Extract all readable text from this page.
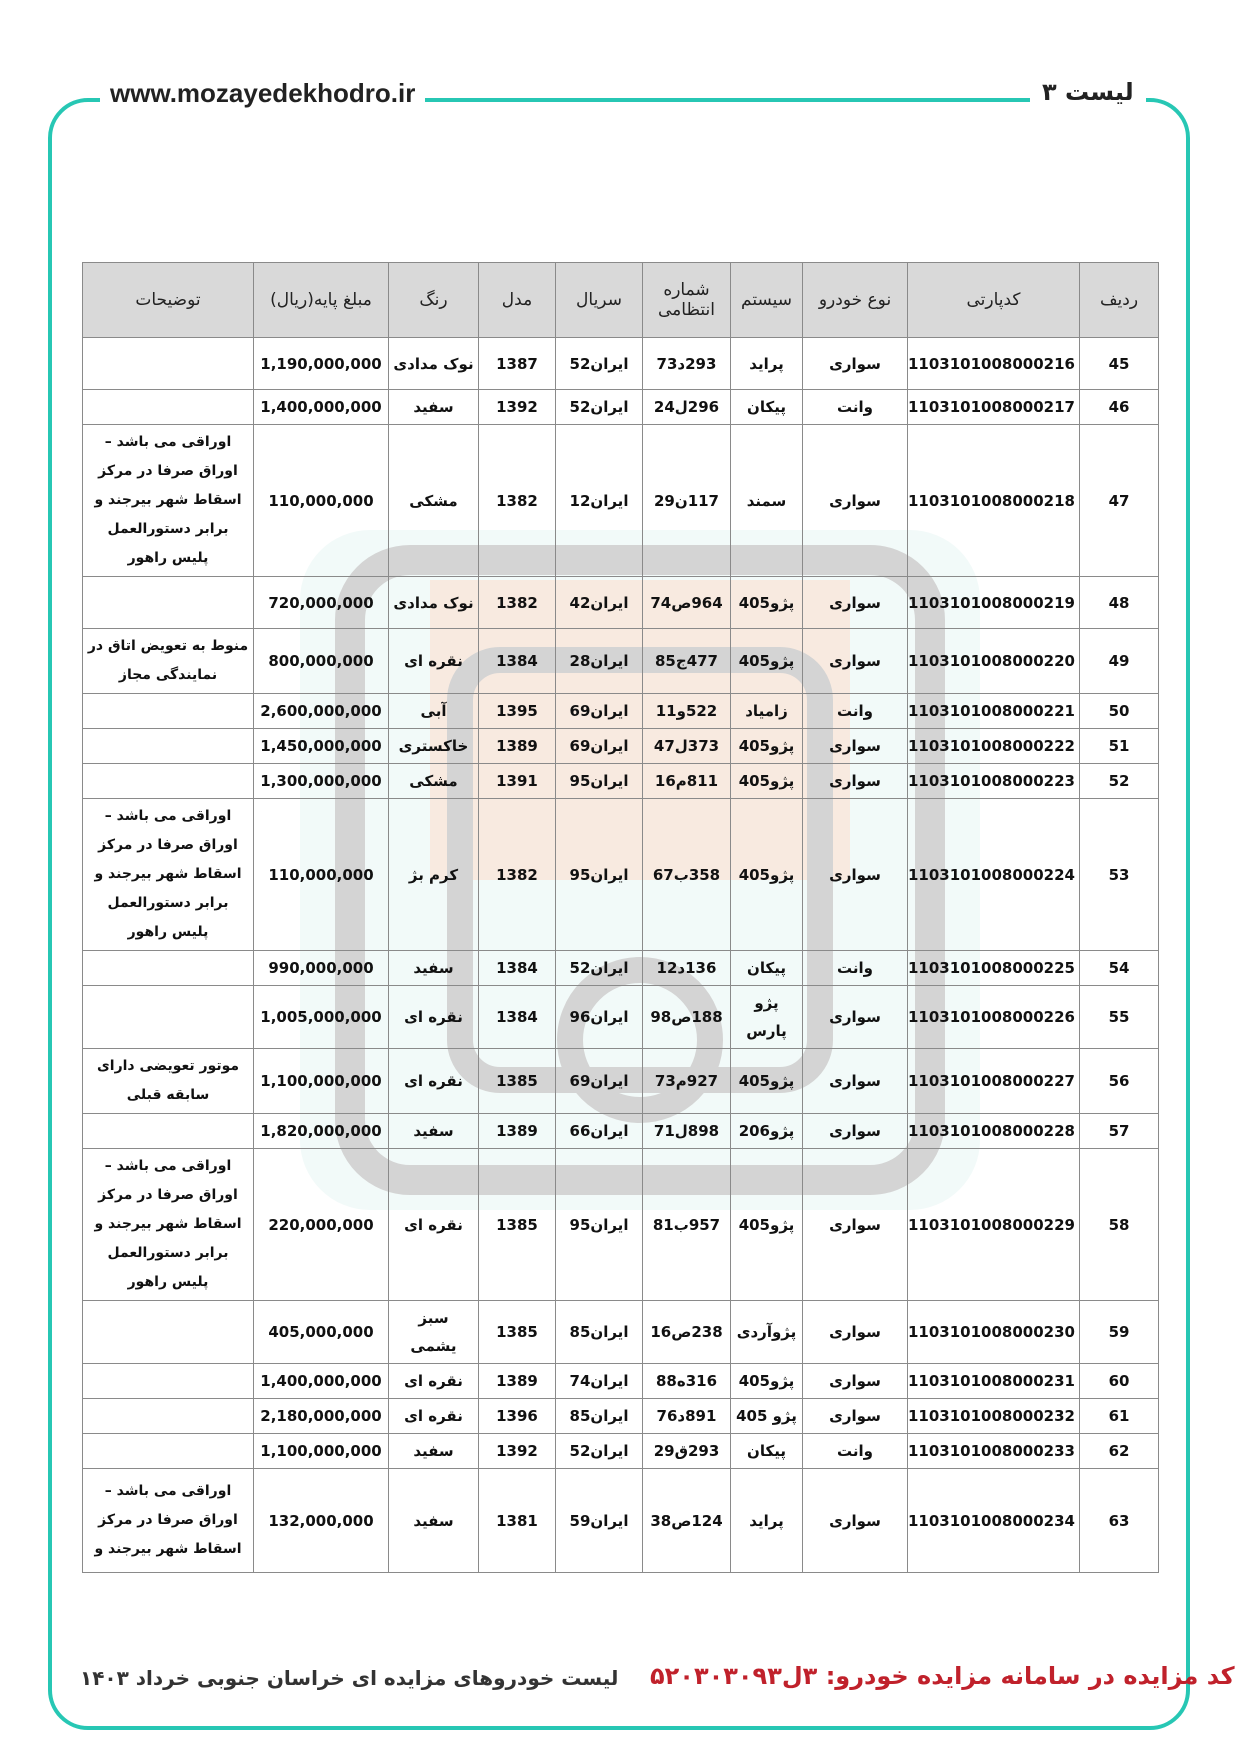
www.mozayedekhodro.ir	لیست ۳
ردیف	کدپارتی	نوع خودرو	سیستم	شماره انتظامی	سریال	مدل	رنگ	مبلغ پایه(ریال)	توضیحات
45	1103101008000216	سواری	پراید	293د73	ایران52	1387	نوک مدادی	1,190,000,000	
46	1103101008000217	وانت	پیکان	296ل24	ایران52	1392	سفید	1,400,000,000	
47	1103101008000218	سواری	سمند	117ن29	ایران12	1382	مشکی	110,000,000	اوراقی می باشد – اوراق صرفا در مرکز اسقاط شهر بیرجند و برابر دستورالعمل پلیس راهور
48	1103101008000219	سواری	پژو405	964ص74	ایران42	1382	نوک مدادی	720,000,000	
49	1103101008000220	سواری	پژو405	477ج85	ایران28	1384	نقره ای	800,000,000	منوط به تعویض اتاق در نمایندگی مجاز
50	1103101008000221	وانت	زامیاد	522و11	ایران69	1395	آبی	2,600,000,000	
51	1103101008000222	سواری	پژو405	373ل47	ایران69	1389	خاکستری	1,450,000,000	
52	1103101008000223	سواری	پژو405	811م16	ایران95	1391	مشکی	1,300,000,000	
53	1103101008000224	سواری	پژو405	358ب67	ایران95	1382	کرم بژ	110,000,000	اوراقی می باشد – اوراق صرفا در مرکز اسقاط شهر بیرجند و برابر دستورالعمل پلیس راهور
54	1103101008000225	وانت	پیکان	136د12	ایران52	1384	سفید	990,000,000	
55	1103101008000226	سواری	پژو پارس	188ص98	ایران96	1384	نقره ای	1,005,000,000	
56	1103101008000227	سواری	پژو405	927م73	ایران69	1385	نقره ای	1,100,000,000	موتور تعویضی دارای سابقه قبلی
57	1103101008000228	سواری	پژو206	898ل71	ایران66	1389	سفید	1,820,000,000	
58	1103101008000229	سواری	پژو405	957ب81	ایران95	1385	نقره ای	220,000,000	اوراقی می باشد – اوراق صرفا در مرکز اسقاط شهر بیرجند و برابر دستورالعمل پلیس راهور
59	1103101008000230	سواری	پژوآردی	238ص16	ایران85	1385	سبز یشمی	405,000,000	
60	1103101008000231	سواری	پژو405	316ه88	ایران74	1389	نقره ای	1,400,000,000	
61	1103101008000232	سواری	پژو 405	891د76	ایران85	1396	نقره ای	2,180,000,000	
62	1103101008000233	وانت	پیکان	293ق29	ایران52	1392	سفید	1,100,000,000	
63	1103101008000234	سواری	پراید	124ص38	ایران59	1381	سفید	132,000,000	اوراقی می باشد – اوراق صرفا در مرکز اسقاط شهر بیرجند و
کد مزایده در سامانه مزایده خودرو: ۳ل۵۲۰۳۰۳۰۹۳
لیست خودروهای مزایده ای خراسان جنوبی خرداد ۱۴۰۳
